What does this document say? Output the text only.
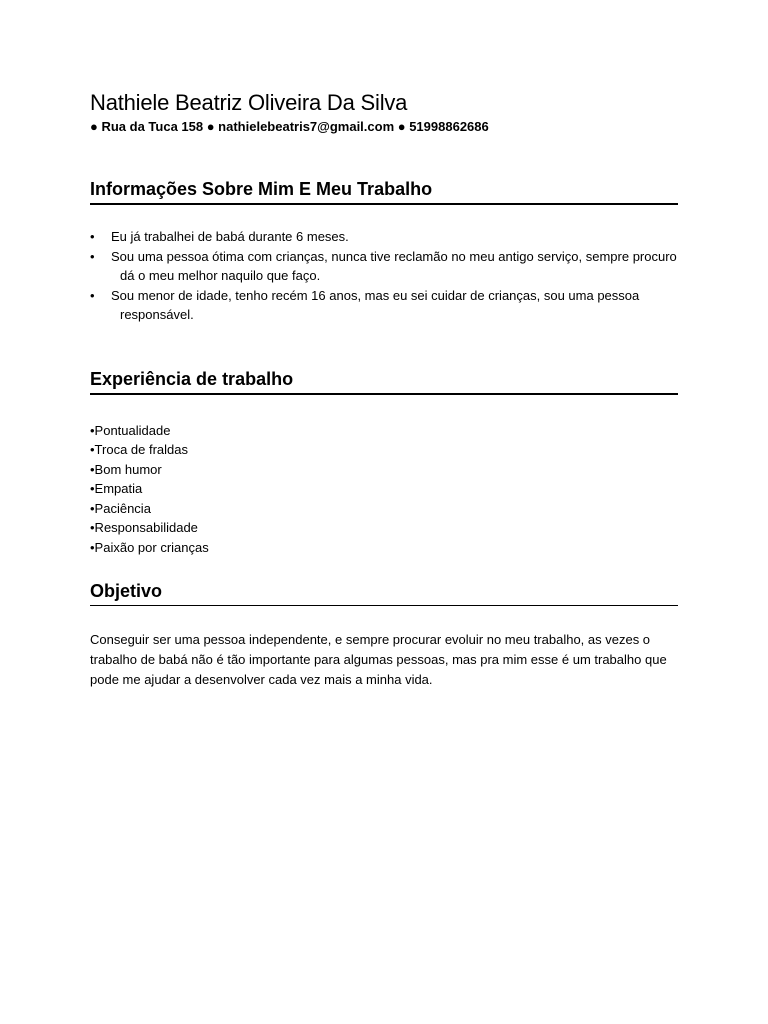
Nathiele Beatriz Oliveira Da Silva

● Rua da Tuca 158 ● nathielebeatris7@gmail.com ● 51998862686

Informações Sobre Mim E Meu Trabalho
• Eu já trabalhei de babá durante 6 meses.
• Sou uma pessoa ótima com crianças, nunca tive reclamão no meu antigo serviço, sempre procuro dá o meu melhor naquilo que faço.
• Sou menor de idade, tenho recém 16 anos, mas eu sei cuidar de crianças, sou uma pessoa responsável.
Experiência de trabalho
•Pontualidade
•Troca de fraldas
•Bom humor
•Empatia
•Paciência
•Responsabilidade
•Paixão por crianças
Objetivo

Conseguir ser uma pessoa independente, e sempre procurar evoluir no meu trabalho, as vezes o trabalho de babá não é tão importante para algumas pessoas, mas pra mim esse é um trabalho que pode me ajudar a desenvolver cada vez mais a minha vida.
